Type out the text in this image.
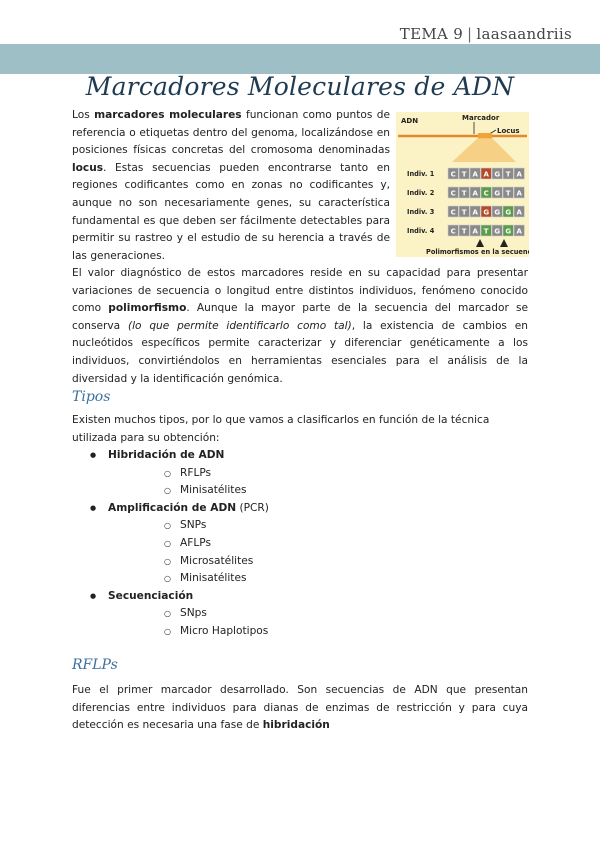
TEMA 9 | laasaandriis
Marcadores Moleculares de ADN
Los marcadores moleculares funcionan como puntos de referencia o etiquetas dentro del genoma, localizándose en posiciones físicas concretas del cromosoma denominadas locus. Estas secuencias pueden encontrarse tanto en regiones codificantes como en zonas no codificantes y, aunque no son necesariamente genes, su característica fundamental es que deben ser fácilmente detectables para permitir su rastreo y el estudio de su herencia a través de las generaciones.
ADN	Marcador
Locus
Indiv. 1 C T A A G T A
Indiv. 2 C T A C G T A
Indiv. 3 C T A G G G A
Indiv. 4 C T A T G G A
Polimorfismos en la secuencia
El valor diagnóstico de estos marcadores reside en su capacidad para presentar variaciones de secuencia o longitud entre distintos individuos, fenómeno conocido como polimorfismo. Aunque la mayor parte de la secuencia del marcador se conserva (lo que permite identificarlo como tal), la existencia de cambios en nucleótidos específicos permite caracterizar y diferenciar genéticamente a los individuos, convirtiéndolos en herramientas esenciales para el análisis de la diversidad y la identificación genómica.
Tipos
Existen muchos tipos, por lo que vamos a clasificarlos en función de la técnica utilizada para su obtención:
● Hibridación de ADN
○ RFLPs
○ Minisatélites
● Amplificación de ADN (PCR)
○ SNPs
○ AFLPs
○ Microsatélites
○ Minisatélites
● Secuenciación
○ SNps
○ Micro Haplotipos
RFLPs
Fue el primer marcador desarrollado. Son secuencias de ADN que presentan diferencias entre individuos para dianas de enzimas de restricción y para cuya detección es necesaria una fase de hibridación
